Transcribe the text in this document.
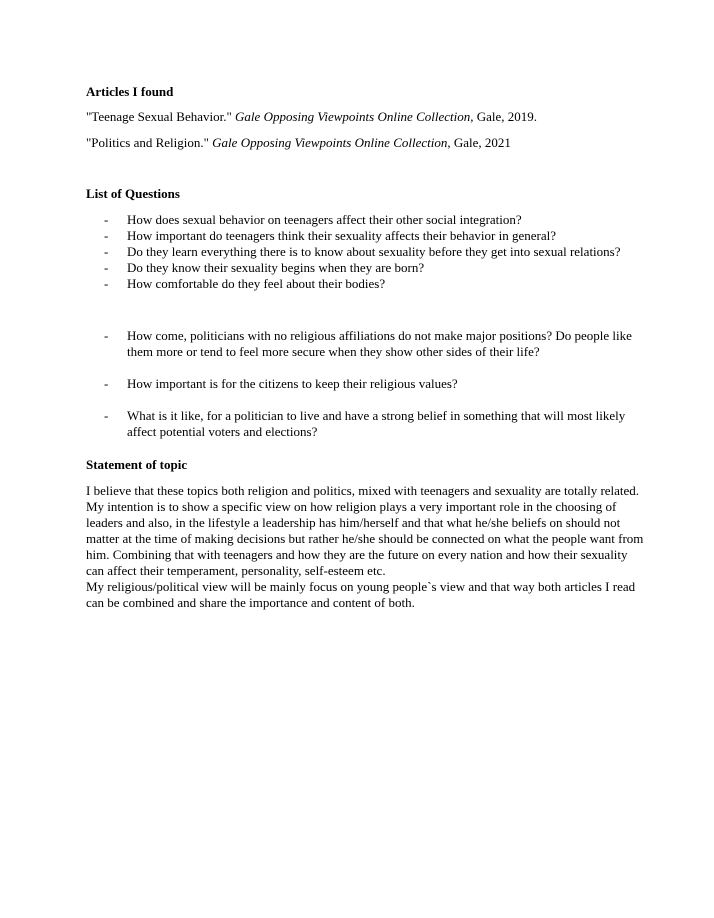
Articles I found

"Teenage Sexual Behavior." Gale Opposing Viewpoints Online Collection, Gale, 2019.

"Politics and Religion." Gale Opposing Viewpoints Online Collection, Gale, 2021

List of Questions

- How does sexual behavior on teenagers affect their other social integration?
- How important do teenagers think their sexuality affects their behavior in general?
- Do they learn everything there is to know about sexuality before they get into sexual relations?
- Do they know their sexuality begins when they are born?
- How comfortable do they feel about their bodies?
- How come, politicians with no religious affiliations do not make major positions? Do people like them more or tend to feel more secure when they show other sides of their life?
- How important is for the citizens to keep their religious values?
- What is it like, for a politician to live and have a strong belief in something that will most likely affect potential voters and elections?

Statement of topic

I believe that these topics both religion and politics, mixed with teenagers and sexuality are totally related. My intention is to show a specific view on how religion plays a very important role in the choosing of leaders and also, in the lifestyle a leadership has him/herself and that what he/she beliefs on should not matter at the time of making decisions but rather he/she should be connected on what the people want from him. Combining that with teenagers and how they are the future on every nation and how their sexuality can affect their temperament, personality, self-esteem etc.

My religious/political view will be mainly focus on young people`s view and that way both articles I read can be combined and share the importance and content of both.
